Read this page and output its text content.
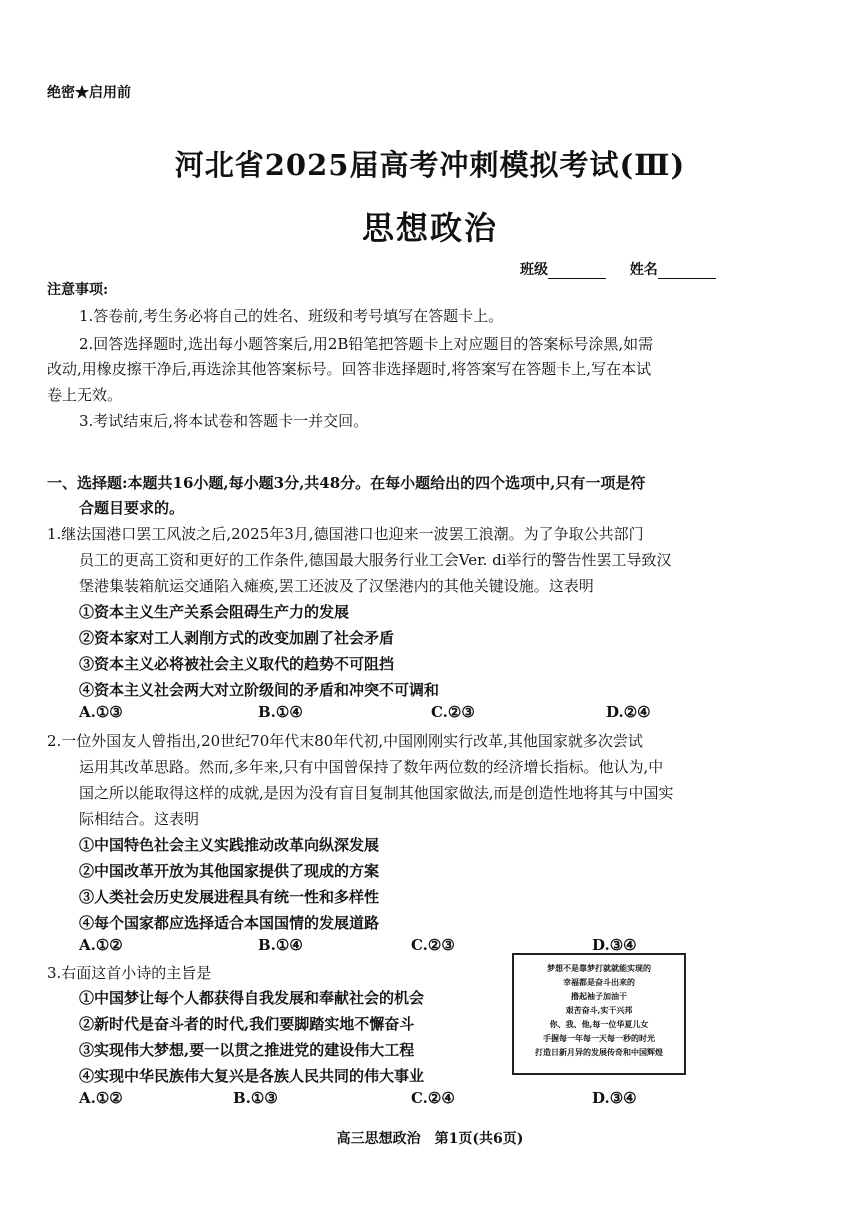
绝密★启用前
河北省2025届高考冲刺模拟考试(Ⅲ)
思想政治
班级	姓名
注意事项:
1.答卷前,考生务必将自己的姓名、班级和考号填写在答题卡上。
2.回答选择题时,选出每小题答案后,用2B铅笔把答题卡上对应题目的答案标号涂黑,如需
改动,用橡皮擦干净后,再选涂其他答案标号。回答非选择题时,将答案写在答题卡上,写在本试
卷上无效。
3.考试结束后,将本试卷和答题卡一并交回。
一、选择题:本题共16小题,每小题3分,共48分。在每小题给出的四个选项中,只有一项是符
合题目要求的。
1.继法国港口罢工风波之后,2025年3月,德国港口也迎来一波罢工浪潮。为了争取公共部门
员工的更高工资和更好的工作条件,德国最大服务行业工会Ver. di举行的警告性罢工导致汉
堡港集装箱航运交通陷入瘫痪,罢工还波及了汉堡港内的其他关键设施。这表明
①资本主义生产关系会阻碍生产力的发展
②资本家对工人剥削方式的改变加剧了社会矛盾
③资本主义必将被社会主义取代的趋势不可阻挡
④资本主义社会两大对立阶级间的矛盾和冲突不可调和
A.①③	B.①④	C.②③	D.②④
2.一位外国友人曾指出,20世纪70年代末80年代初,中国刚刚实行改革,其他国家就多次尝试
运用其改革思路。然而,多年来,只有中国曾保持了数年两位数的经济增长指标。他认为,中
国之所以能取得这样的成就,是因为没有盲目复制其他国家做法,而是创造性地将其与中国实
际相结合。这表明
①中国特色社会主义实践推动改革向纵深发展
②中国改革开放为其他国家提供了现成的方案
③人类社会历史发展进程具有统一性和多样性
④每个国家都应选择适合本国国情的发展道路
A.①②	B.①④	C.②③	D.③④
3.右面这首小诗的主旨是
①中国梦让每个人都获得自我发展和奉献社会的机会
②新时代是奋斗者的时代,我们要脚踏实地不懈奋斗
③实现伟大梦想,要一以贯之推进党的建设伟大工程
④实现中华民族伟大复兴是各族人民共同的伟大事业
A.①②	B.①③	C.②④	D.③④
梦想不是靠梦打就就能实现的
幸福都是奋斗出来的
撸起袖子加油干
艰苦奋斗,实干兴邦
你、我、他,每一位华夏儿女
手握每一年每一天每一秒的时光
打造日新月异的发展传奇和中国辉煌
高三思想政治　第1页(共6页)
